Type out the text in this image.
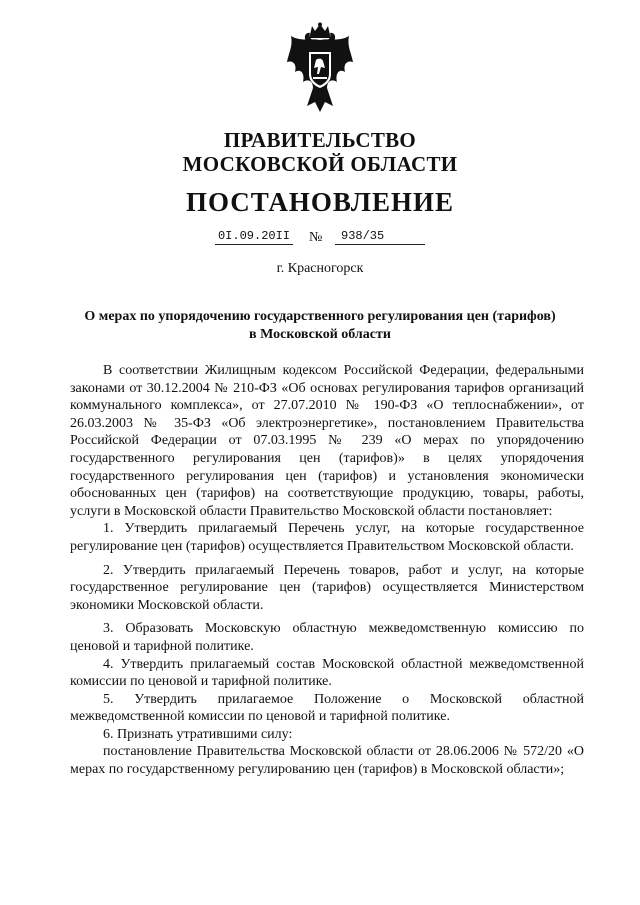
ПРАВИТЕЛЬСТВО
МОСКОВСКОЙ ОБЛАСТИ
ПОСТАНОВЛЕНИЕ
0I.09.20II №	938/35
г. Красногорск
О мерах по упорядочению государственного регулирования цен (тарифов)
в Московской области

В соответствии Жилищным кодексом Российской Федерации, федеральными законами от 30.12.2004 № 210-ФЗ «Об основах регулирования тарифов организаций коммунального комплекса», от 27.07.2010 № 190-ФЗ «О теплоснабжении», от 26.03.2003 № 35-ФЗ «Об электроэнергетике», постановлением Правительства Российской Федерации от 07.03.1995 № 239 «О мерах по упорядочению государственного регулирования цен (тарифов)» в целях упорядочения государственного регулирования цен (тарифов) и установления экономически обоснованных цен (тарифов) на соответствующие продукцию, товары, работы, услуги в Московской области Правительство Московской области постановляет:

1. Утвердить прилагаемый Перечень услуг, на которые государственное регулирование цен (тарифов) осуществляется Правительством Московской области.

2. Утвердить прилагаемый Перечень товаров, работ и услуг, на которые государственное регулирование цен (тарифов) осуществляется Министерством экономики Московской области.

3. Образовать Московскую областную межведомственную комиссию по ценовой и тарифной политике.

4. Утвердить прилагаемый состав Московской областной межведомственной комиссии по ценовой и тарифной политике.

5. Утвердить прилагаемое Положение о Московской областной межведомственной комиссии по ценовой и тарифной политике.

6. Признать утратившими силу:

постановление Правительства Московской области от 28.06.2006 № 572/20 «О мерах по государственному регулированию цен (тарифов) в Московской области»;
